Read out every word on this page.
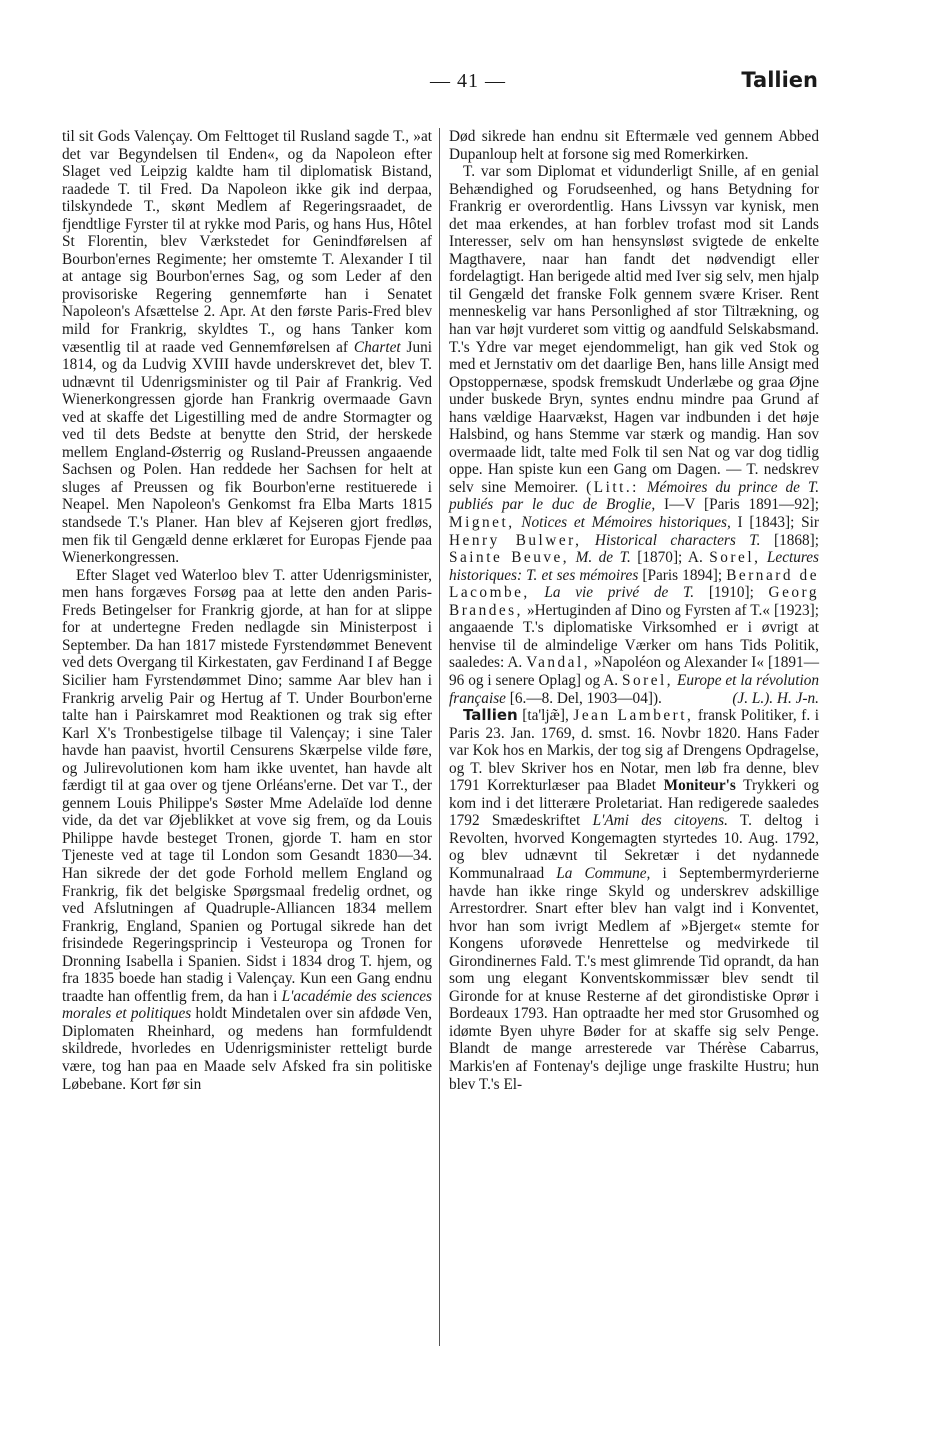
— 41 —	Tallien

til sit Gods Valençay. Om Felttoget til Rusland sagde T., »at det var Begyndelsen til Enden«, og da Napoleon efter Slaget ved Leipzig kaldte ham til diplomatisk Bistand, raadede T. til Fred. Da Napoleon ikke gik ind derpaa, tilskyndede T., skønt Medlem af Regeringsraadet, de fjendtlige Fyrster til at rykke mod Paris, og hans Hus, Hôtel St Florentin, blev Værkstedet for Genindførelsen af Bourbon'ernes Regimente; her omstemte T. Alexander I til at antage sig Bourbon'ernes Sag, og som Leder af den provisoriske Regering gennemførte han i Senatet Napoleon's Afsættelse 2. Apr. At den første Paris-Fred blev mild for Frankrig, skyldtes T., og hans Tanker kom væsentlig til at raade ved Gennemførelsen af Chartet Juni 1814, og da Ludvig XVIII havde underskrevet det, blev T. udnævnt til Udenrigsminister og til Pair af Frankrig. Ved Wienerkongressen gjorde han Frankrig overmaade Gavn ved at skaffe det Ligestilling med de andre Stormagter og ved til dets Bedste at benytte den Strid, der herskede mellem England-Østerrig og Rusland-Preussen angaaende Sachsen og Polen. Han reddede her Sachsen for helt at sluges af Preussen og fik Bourbon'erne restituerede i Neapel. Men Napoleon's Genkomst fra Elba Marts 1815 standsede T.'s Planer. Han blev af Kejseren gjort fredløs, men fik til Gengæld denne erklæret for Europas Fjende paa Wienerkongressen.

Efter Slaget ved Waterloo blev T. atter Udenrigsminister, men hans forgæves Forsøg paa at lette den anden Paris-Freds Betingelser for Frankrig gjorde, at han for at slippe for at undertegne Freden nedlagde sin Ministerpost i September. Da han 1817 mistede Fyrstendømmet Benevent ved dets Overgang til Kirkestaten, gav Ferdinand I af Begge Sicilier ham Fyrstendømmet Dino; samme Aar blev han i Frankrig arvelig Pair og Hertug af T. Under Bourbon'erne talte han i Pairskamret mod Reaktionen og trak sig efter Karl X's Tronbestigelse tilbage til Valençay; i sine Taler havde han paavist, hvortil Censurens Skærpelse vilde føre, og Julirevolutionen kom ham ikke uventet, han havde alt færdigt til at gaa over og tjene Orléans'erne. Det var T., der gennem Louis Philippe's Søster Mme Adelaïde lod denne vide, da det var Øjeblikket at vove sig frem, og da Louis Philippe havde besteget Tronen, gjorde T. ham en stor Tjeneste ved at tage til London som Gesandt 1830—34. Han sikrede der det gode Forhold mellem England og Frankrig, fik det belgiske Spørgsmaal fredelig ordnet, og ved Afslutningen af Quadruple-Alliancen 1834 mellem Frankrig, England, Spanien og Portugal sikrede han det frisindede Regeringsprincip i Vesteuropa og Tronen for Dronning Isabella i Spanien. Sidst i 1834 drog T. hjem, og fra 1835 boede han stadig i Valençay. Kun een Gang endnu traadte han offentlig frem, da han i L'académie des sciences morales et politiques holdt Mindetalen over sin afdøde Ven, Diplomaten Rheinhard, og medens han formfuldendt skildrede, hvorledes en Udenrigsminister retteligt burde være, tog han paa en Maade selv Afsked fra sin politiske Løbebane. Kort før sin

Død sikrede han endnu sit Eftermæle ved gennem Abbed Dupanloup helt at forsone sig med Romerkirken.

T. var som Diplomat et vidunderligt Snille, af en genial Behændighed og Forudseenhed, og hans Betydning for Frankrig er overordentlig. Hans Livssyn var kynisk, men det maa erkendes, at han forblev trofast mod sit Lands Interesser, selv om han hensynsløst svigtede de enkelte Magthavere, naar han fandt det nødvendigt eller fordelagtigt. Han berigede altid med Iver sig selv, men hjalp til Gengæld det franske Folk gennem svære Kriser. Rent menneskelig var hans Personlighed af stor Tiltrækning, og han var højt vurderet som vittig og aandfuld Selskabsmand. T.'s Ydre var meget ejendommeligt, han gik ved Stok og med et Jernstativ om det daarlige Ben, hans lille Ansigt med Opstoppernæse, spodsk fremskudt Underlæbe og graa Øjne under buskede Bryn, syntes endnu mindre paa Grund af hans vældige Haarvækst, Hagen var indbunden i det høje Halsbind, og hans Stemme var stærk og mandig. Han sov overmaade lidt, talte med Folk til sen Nat og var dog tidlig oppe. Han spiste kun een Gang om Dagen. — T. nedskrev selv sine Memoirer. (Litt.: Mémoires du prince de T. publiés par le duc de Broglie, I—V [Paris 1891—92]; Mignet, Notices et Mémoires historiques, I [1843]; Sir Henry Bulwer, Historical characters T. [1868]; Sainte Beuve, M. de T. [1870]; A. Sorel, Lectures historiques: T. et ses mémoires [Paris 1894]; Bernard de Lacombe, La vie privé de T. [1910]; Georg Brandes, »Hertuginden af Dino og Fyrsten af T.« [1923]; angaaende T.'s diplomatiske Virksomhed er i øvrigt at henvise til de almindelige Værker om hans Tids Politik, saaledes: A. Vandal, »Napoléon og Alexander I« [1891—96 og i senere Oplag] og A. Sorel, Europe et la révolution française [6.—8. Del, 1903—04]).	(J. L.). H. J-n.

Tallien [ta'ljæ̃], Jean Lambert, fransk Politiker, f. i Paris 23. Jan. 1769, d. smst. 16. Novbr 1820. Hans Fader var Kok hos en Markis, der tog sig af Drengens Opdragelse, og T. blev Skriver hos en Notar, men løb fra denne, blev 1791 Korrekturlæser paa Bladet Moniteur's Trykkeri og kom ind i det litterære Proletariat. Han redigerede saaledes 1792 Smædeskriftet L'Ami des citoyens. T. deltog i Revolten, hvorved Kongemagten styrtedes 10. Aug. 1792, og blev udnævnt til Sekretær i det nydannede Kommunalraad La Commune, i Septembermyrderierne havde han ikke ringe Skyld og underskrev adskillige Arrestordrer. Snart efter blev han valgt ind i Konventet, hvor han som ivrigt Medlem af »Bjerget« stemte for Kongens uforøvede Henrettelse og medvirkede til Girondinernes Fald. T.'s mest glimrende Tid oprandt, da han som ung elegant Konventskommissær blev sendt til Gironde for at knuse Resterne af det girondistiske Oprør i Bordeaux 1793. Han optraadte her med stor Grusomhed og idømte Byen uhyre Bøder for at skaffe sig selv Penge. Blandt de mange arresterede var Thérèse Cabarrus, Markis'en af Fontenay's dejlige unge fraskilte Hustru; hun blev T.'s El-
